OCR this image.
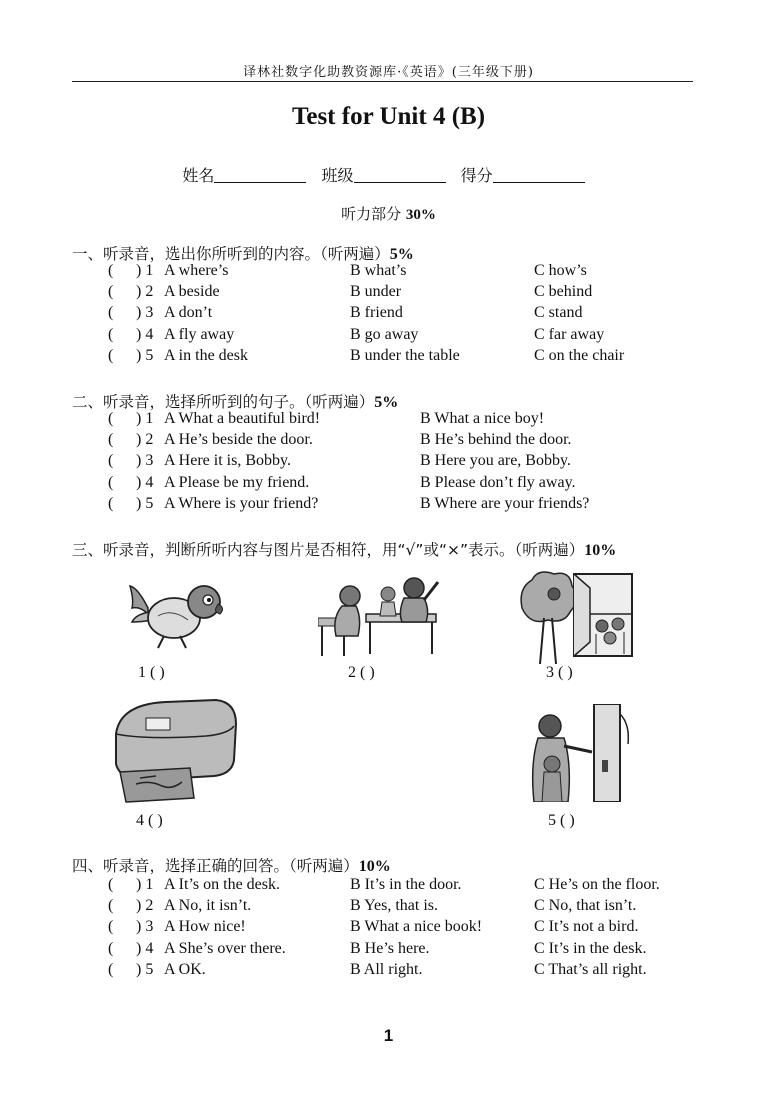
译林社数字化助教资源库·《英语》(三年级下册)
Test for Unit 4 (B)
姓名	班级	得分
听力部分 30%
一、听录音，选出你所听到的内容。（听两遍）5%
( ) 1 A where’s	B what’s	C how’s
( ) 2 A beside	B under	C behind
( ) 3 A don’t	B friend	C stand
( ) 4 A fly away	B go away	C far away
( ) 5 A in the desk	B under the table	C on the chair
二、听录音，选择所听到的句子。（听两遍）5%
( ) 1 A What a beautiful bird!	B What a nice boy!
( ) 2 A He’s beside the door.	B He’s behind the door.
( ) 3 A Here it is, Bobby.	B Here you are, Bobby.
( ) 4 A Please be my friend.	B Please don’t fly away.
( ) 5 A Where is your friend?	B Where are your friends?
三、听录音，判断所听内容与图片是否相符，用“√”或“×”表示。（听两遍）10%
1 ( )	2 ( )	3 ( )
4 ( )	5 ( )
四、听录音，选择正确的回答。（听两遍）10%
( ) 1 A It’s on the desk.	B It’s in the door.	C He’s on the floor.
( ) 2 A No, it isn’t.	B Yes, that is.	C No, that isn’t.
( ) 3 A How nice!	B What a nice book!	C It’s not a bird.
( ) 4 A She’s over there.	B He’s here.	C It’s in the desk.
( ) 5 A OK.	B All right.	C That’s all right.
1
